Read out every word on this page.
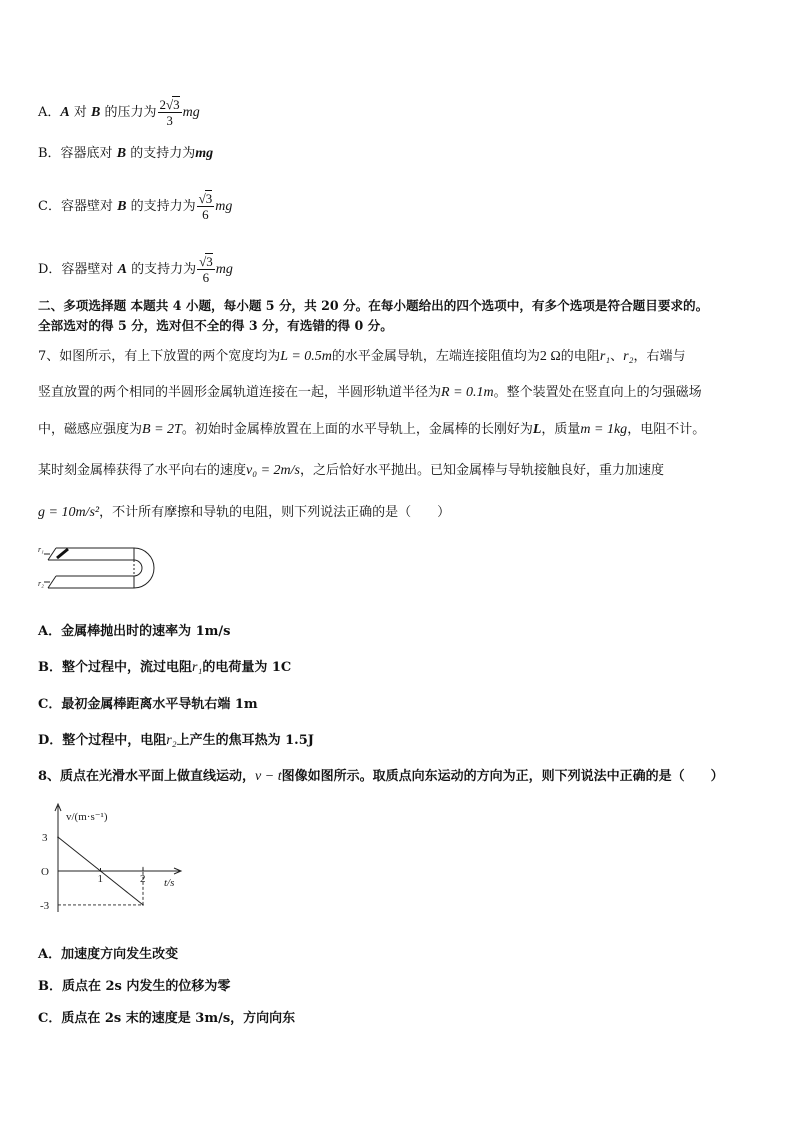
A．A 对 B 的压力为 $\frac{2√3}{3}$ mg
B．容器底对 B 的支持力为mg
C．容器壁对 B 的支持力为 $\frac{√3}{6}$ mg
D．容器壁对 A 的支持力为 $\frac{√3}{6}$ mg
二、多项选择题 本题共 4 小题，每小题 5 分，共 20 分。在每小题给出的四个选项中，有多个选项是符合题目要求的。
全部选对的得 5 分，选对但不全的得 3 分，有选错的得 0 分。
7、如图所示，有上下放置的两个宽度均为L = 0.5m的水平金属导轨，左端连接阻值均为2 Ω的电阻r₁、r₂，右端与
竖直放置的两个相同的半圆形金属轨道连接在一起，半圆形轨道半径为R = 0.1m。整个装置处在竖直向上的匀强磁场
中，磁感应强度为B = 2T。初始时金属棒放置在上面的水平导轨上，金属棒的长刚好为L，质量m = 1kg，电阻不计。
某时刻金属棒获得了水平向右的速度v₀ = 2m/s，之后恰好水平抛出。已知金属棒与导轨接触良好，重力加速度
g = 10m/s²，不计所有摩擦和导轨的电阻，则下列说法正确的是（　　）
r₁
r₂
A．金属棒抛出时的速率为 1m/s
B．整个过程中，流过电阻r₁的电荷量为 1C
C．最初金属棒距离水平导轨右端 1m
D．整个过程中，电阻r₂上产生的焦耳热为 1.5J
8、质点在光滑水平面上做直线运动，v − t图像如图所示。取质点向东运动的方向为正，则下列说法中正确的是（　　）
3
-3
1	2
v/(m·s⁻¹)
t/s
O
A．加速度方向发生改变
B．质点在 2s 内发生的位移为零
C．质点在 2s 末的速度是 3m/s，方向向东
